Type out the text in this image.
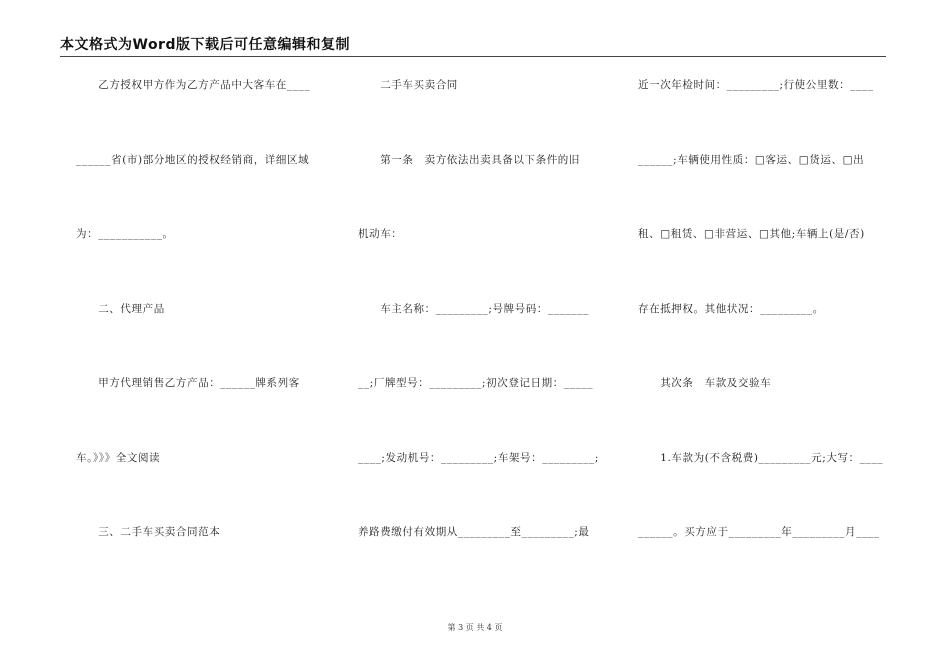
本文格式为Word版下载后可任意编辑和复制
　　乙方授权甲方作为乙方产品中大客车在____
______省(市)部分地区的授权经销商，详细区域
为：___________。
　　二、代理产品
　　甲方代理销售乙方产品：______牌系列客
车。》》》全文阅读
　　三、二手车买卖合同范本
　　二手车买卖合同
　　第一条　卖方依法出卖具备以下条件的旧
机动车：
　　车主名称：_________;号牌号码：_______
__;厂牌型号：_________;初次登记日期：_____
____;发动机号：_________;车架号：_________;
养路费缴付有效期从_________至_________;最
近一次年检时间：_________;行使公里数：____
______;车辆使用性质：□客运、□货运、□出
租、□租赁、□非营运、□其他;车辆上(是/否)
存在抵押权。其他状况：_________。
　　其次条　车款及交验车
　　1.车款为(不含税费)_________元;大写：____
______。买方应于_________年_________月____
第 3 页 共 4 页
